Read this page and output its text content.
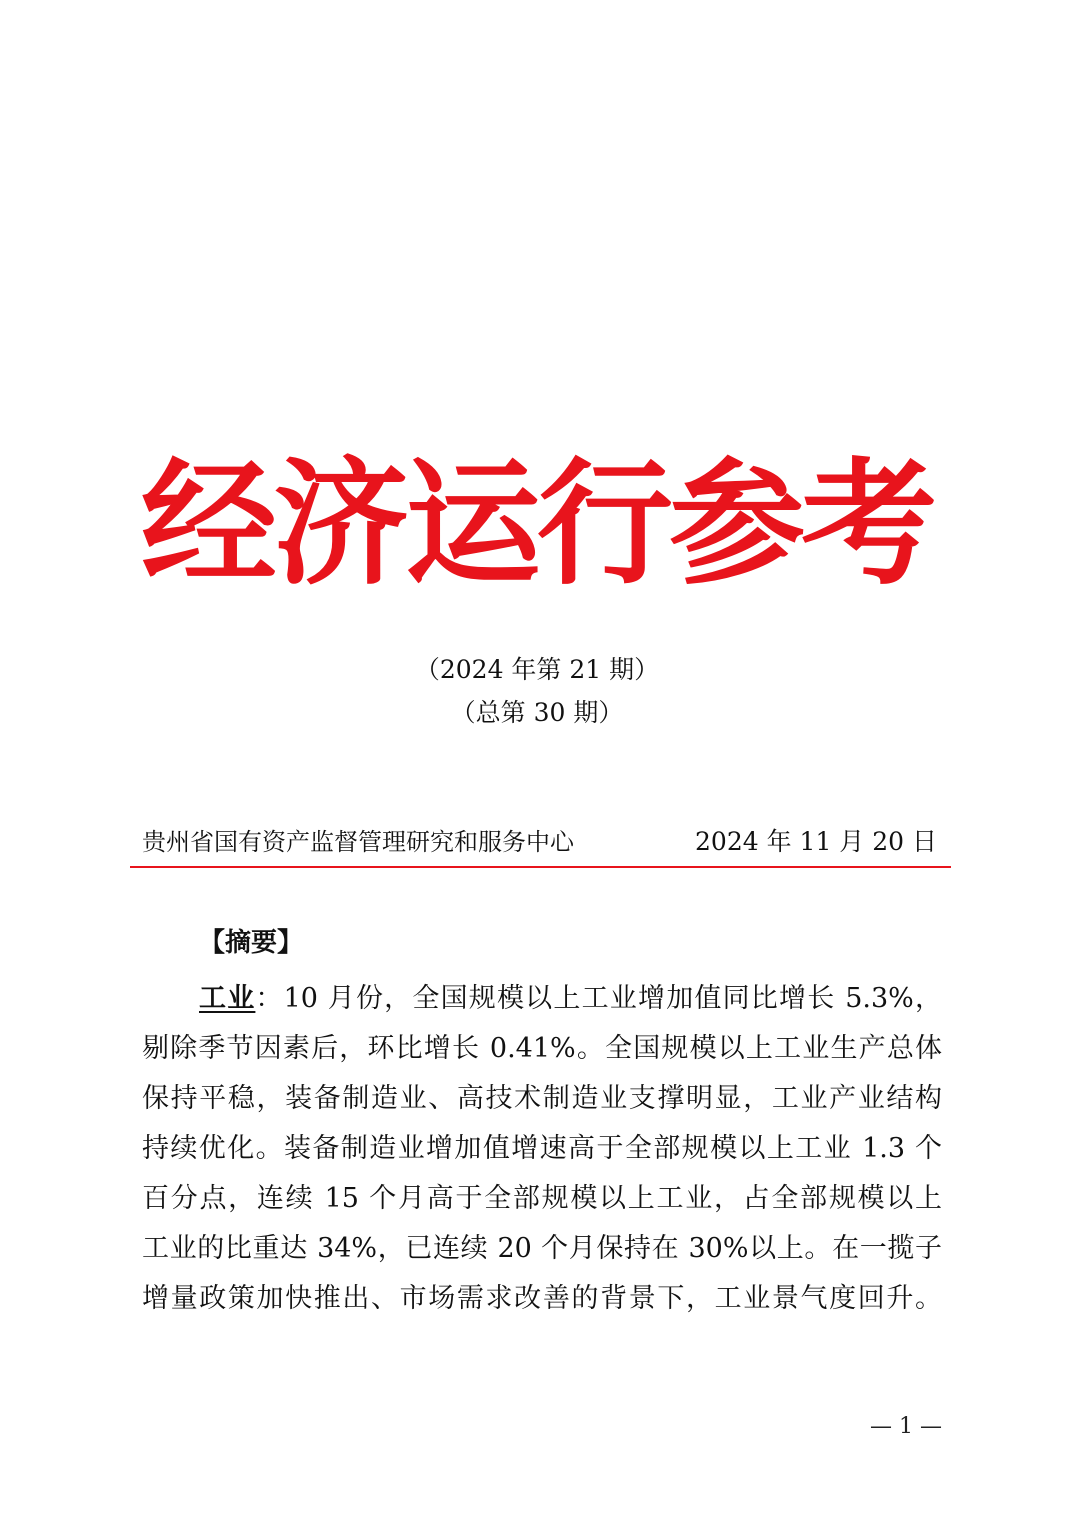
经济运行参考
（2024 年第 21 期）
（总第 30 期）
贵州省国有资产监督管理研究和服务中心	2024 年 11 月 20 日
【摘要】
工业：10 月份，全国规模以上工业增加值同比增长 5.3%，
剔除季节因素后，环比增长 0.41%。全国规模以上工业生产总体
保持平稳，装备制造业、高技术制造业支撑明显，工业产业结构
持续优化。装备制造业增加值增速高于全部规模以上工业 1.3 个
百分点，连续 15 个月高于全部规模以上工业，占全部规模以上
工业的比重达 34%，已连续 20 个月保持在 30%以上。在一揽子
增量政策加快推出、市场需求改善的背景下，工业景气度回升。
— 1 —
